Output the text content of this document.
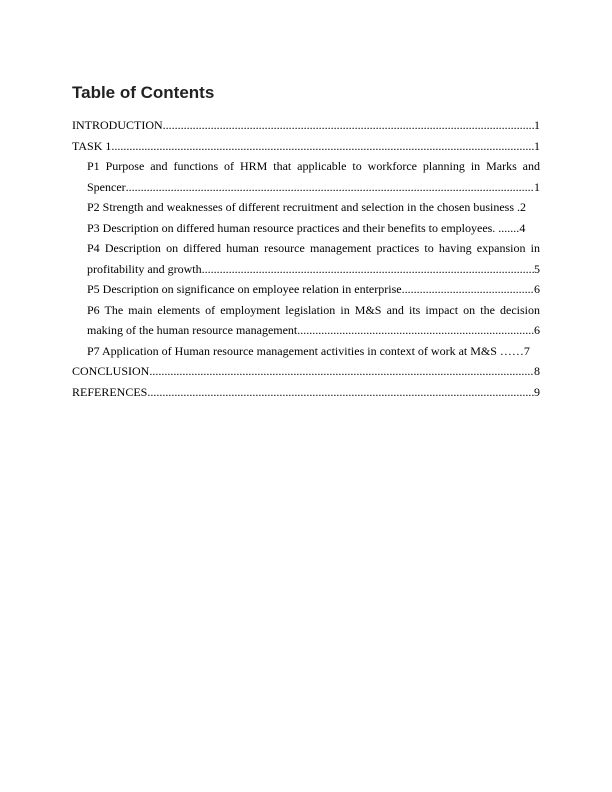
Table of Contents
INTRODUCTION .....	1
TASK 1 .....	1
P1 Purpose and functions of HRM that applicable to workforce planning in Marks and
Spencer .....	1
P2 Strength and weaknesses of different recruitment and selection in the chosen business . 2
P3 Description on differed human resource practices and their benefits to employees. ....... 4
P4 Description on differed human resource management practices to having expansion in
profitability and growth. .....	5
P5 Description on significance on employee relation in enterprise. .....	6
P6 The main elements of employment legislation in M&S and its impact on the decision
making of the human resource management. .....	6
P7 Application of Human resource management activities in context of work at M&S …… 7
CONCLUSION .....	8
REFERENCES .....	9
